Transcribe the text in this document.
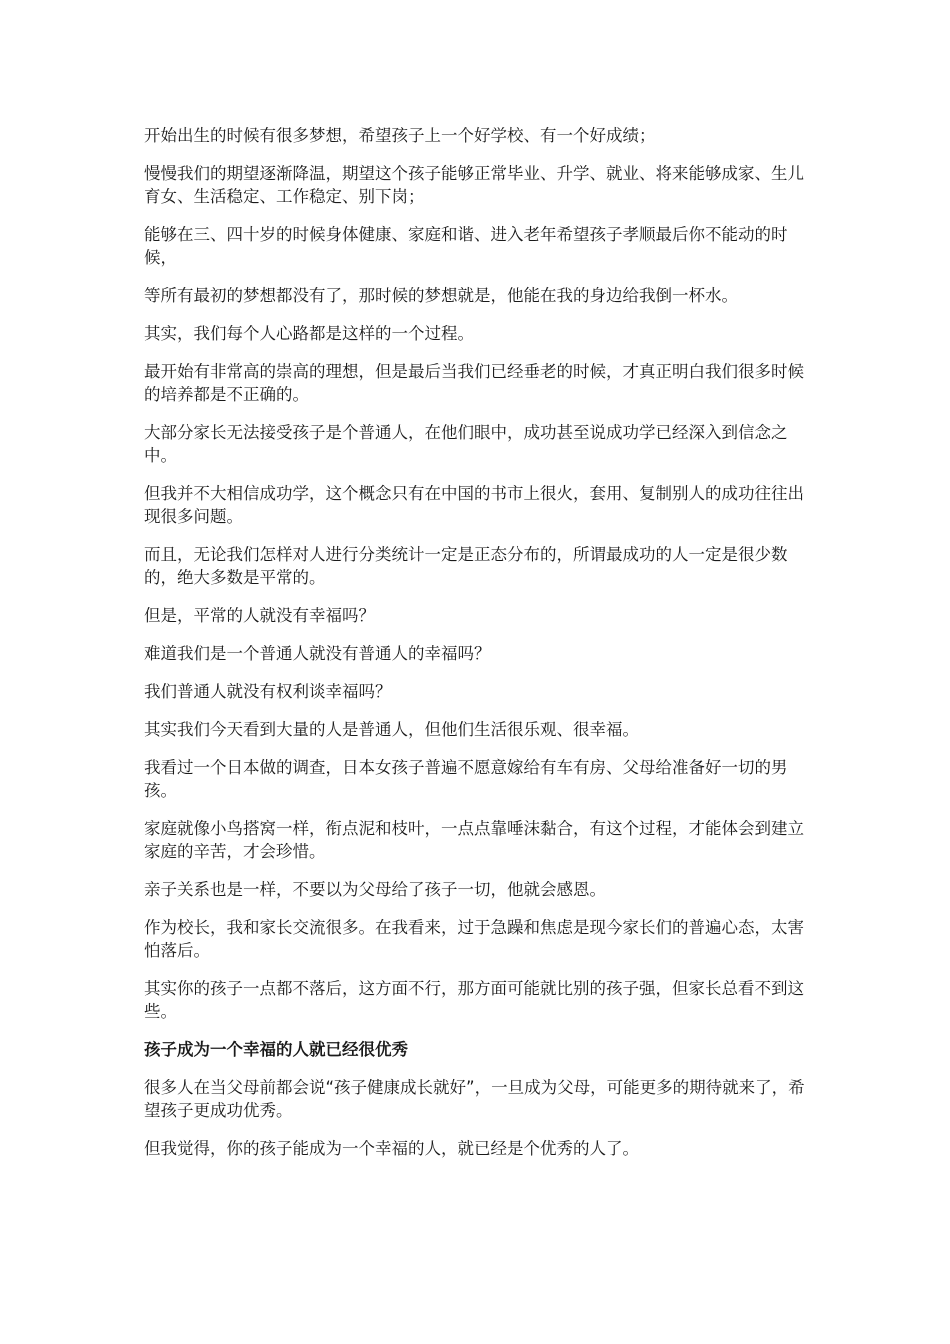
开始出生的时候有很多梦想，希望孩子上一个好学校、有一个好成绩；

慢慢我们的期望逐渐降温，期望这个孩子能够正常毕业、升学、就业、将来能够成家、生儿育女、生活稳定、工作稳定、别下岗；

能够在三、四十岁的时候身体健康、家庭和谐、进入老年希望孩子孝顺最后你不能动的时候，

等所有最初的梦想都没有了，那时候的梦想就是，他能在我的身边给我倒一杯水。

其实，我们每个人心路都是这样的一个过程。

最开始有非常高的崇高的理想，但是最后当我们已经垂老的时候，才真正明白我们很多时候的培养都是不正确的。

大部分家长无法接受孩子是个普通人，在他们眼中，成功甚至说成功学已经深入到信念之中。

但我并不大相信成功学，这个概念只有在中国的书市上很火，套用、复制别人的成功往往出现很多问题。

而且，无论我们怎样对人进行分类统计一定是正态分布的，所谓最成功的人一定是很少数的，绝大多数是平常的。

但是，平常的人就没有幸福吗？

难道我们是一个普通人就没有普通人的幸福吗？

我们普通人就没有权利谈幸福吗？

其实我们今天看到大量的人是普通人，但他们生活很乐观、很幸福。

我看过一个日本做的调查，日本女孩子普遍不愿意嫁给有车有房、父母给准备好一切的男孩。

家庭就像小鸟搭窝一样，衔点泥和枝叶，一点点靠唾沫黏合，有这个过程，才能体会到建立家庭的辛苦，才会珍惜。

亲子关系也是一样，不要以为父母给了孩子一切，他就会感恩。

作为校长，我和家长交流很多。在我看来，过于急躁和焦虑是现今家长们的普遍心态，太害怕落后。

其实你的孩子一点都不落后，这方面不行，那方面可能就比别的孩子强，但家长总看不到这些。

孩子成为一个幸福的人就已经很优秀

很多人在当父母前都会说“孩子健康成长就好”，一旦成为父母，可能更多的期待就来了，希望孩子更成功优秀。

但我觉得，你的孩子能成为一个幸福的人，就已经是个优秀的人了。
